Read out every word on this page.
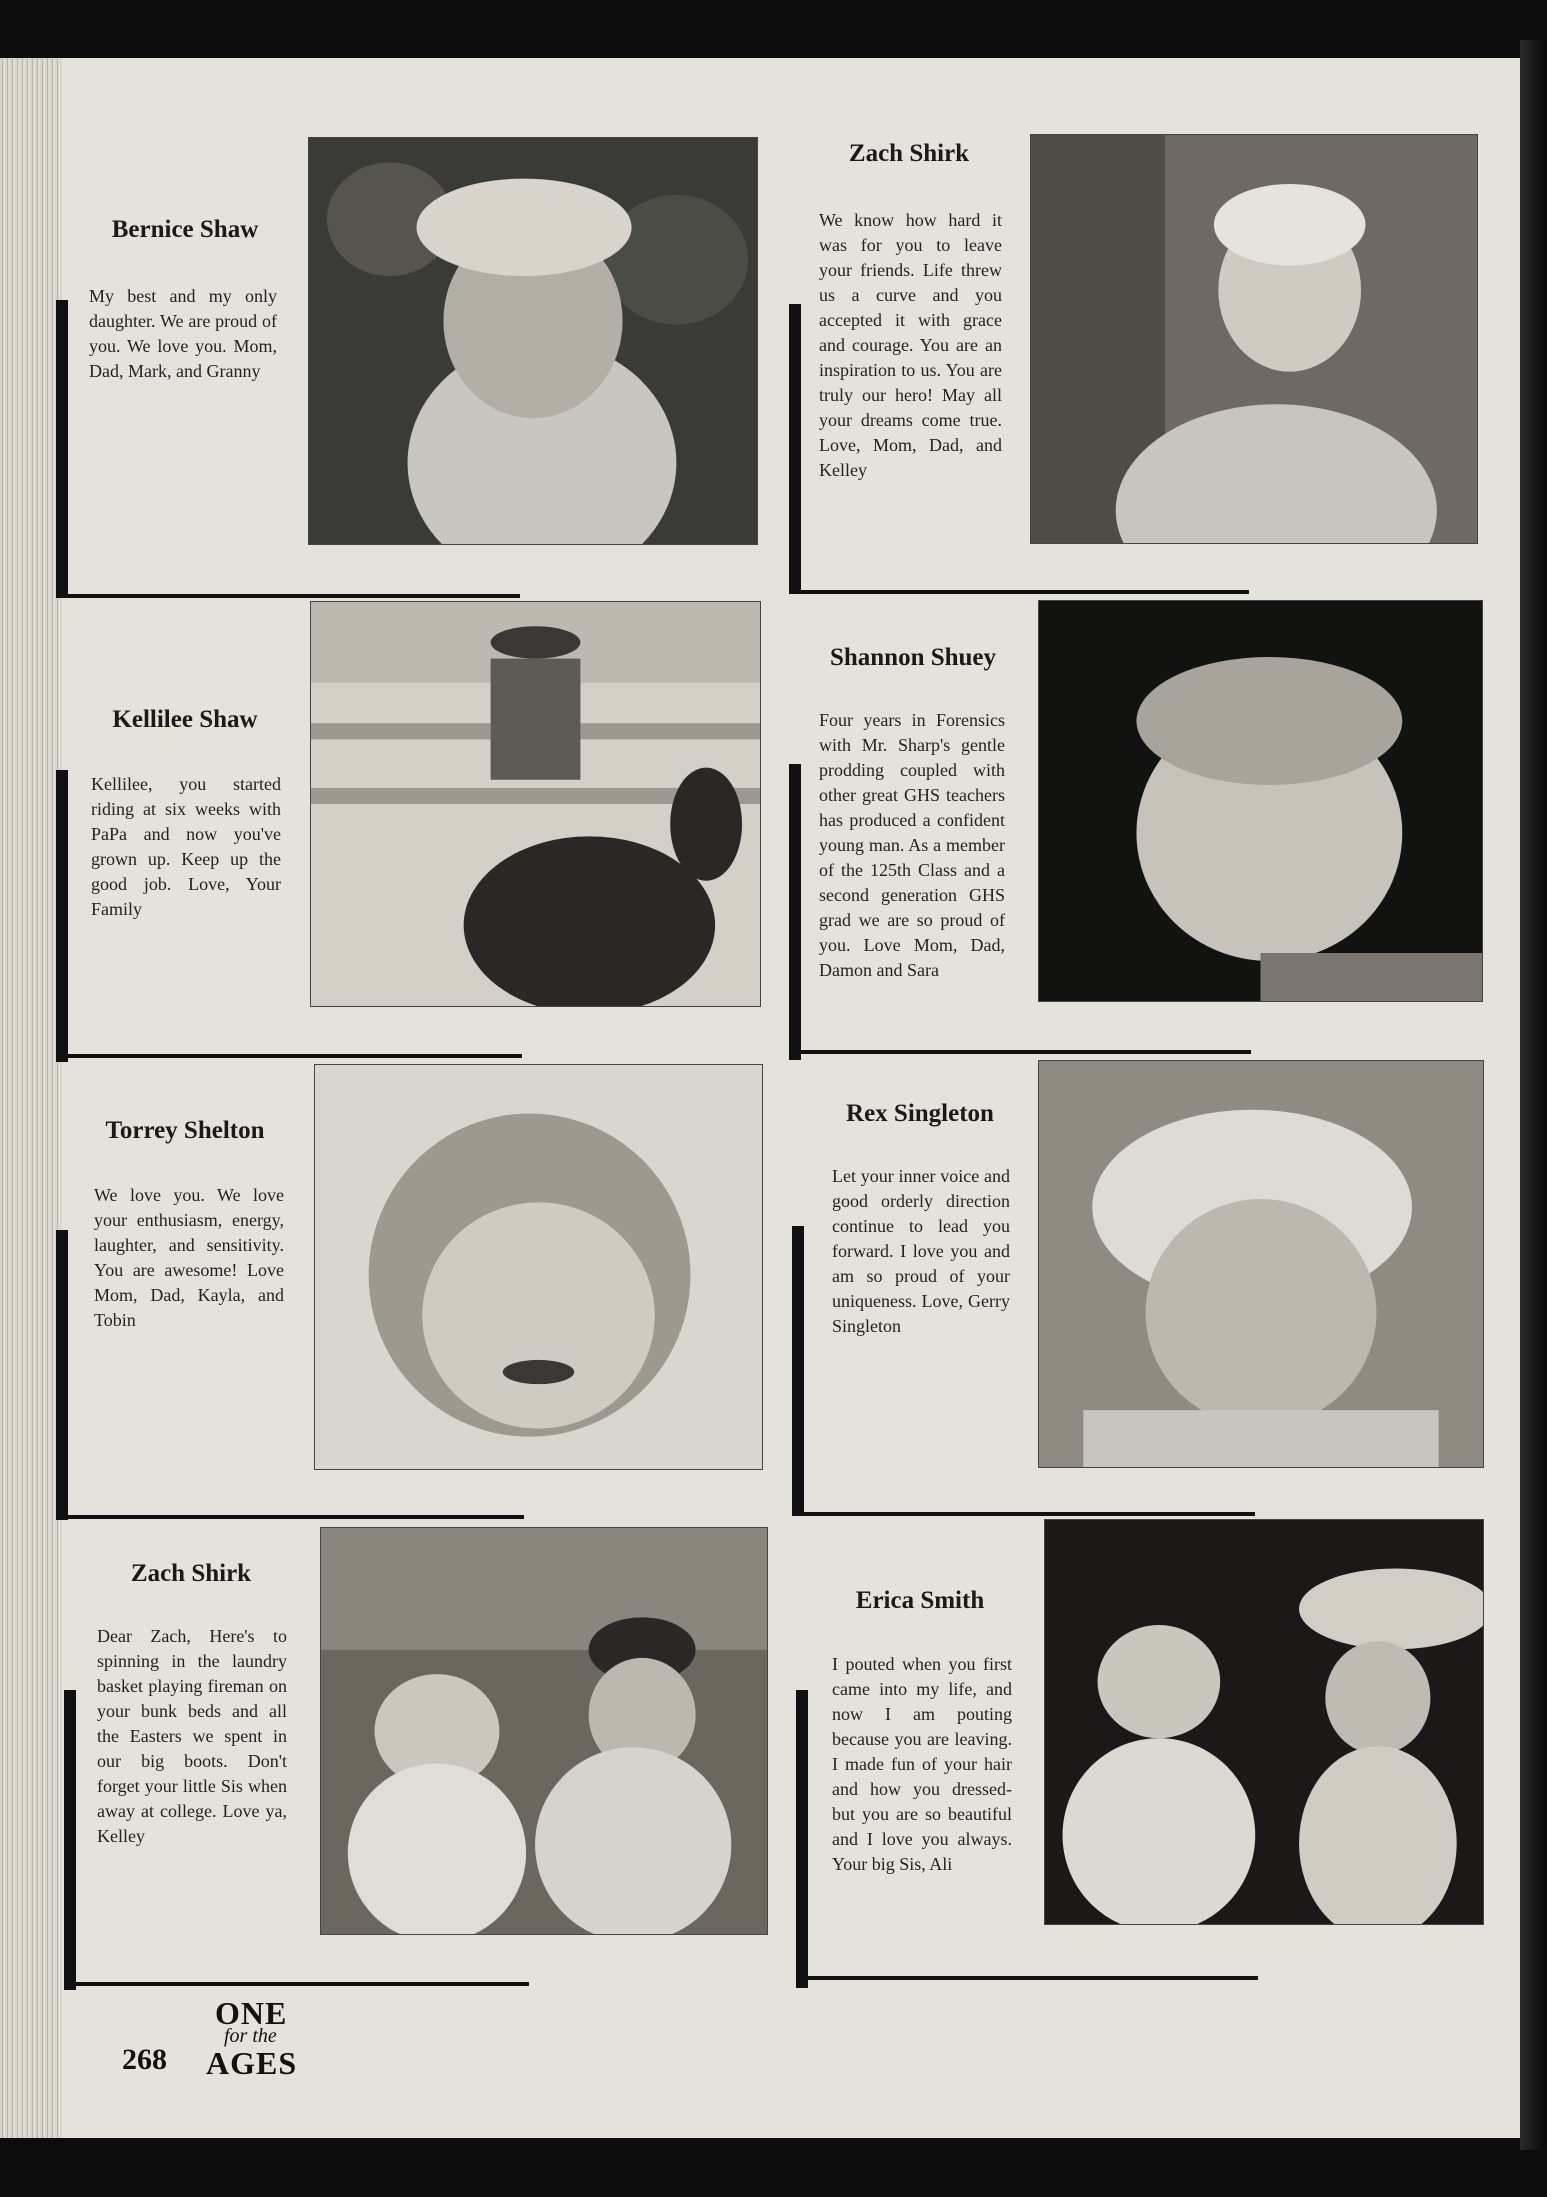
Bernice Shaw
My best and my only daughter. We are proud of you. We love you. Mom, Dad, Mark, and Granny
Zach Shirk
We know how hard it was for you to leave your friends. Life threw us a curve and you accepted it with grace and courage. You are an inspiration to us. You are truly our hero! May all your dreams come true. Love, Mom, Dad, and Kelley
Kellilee Shaw
Kellilee, you started riding at six weeks with PaPa and now you've grown up. Keep up the good job. Love, Your Family
Shannon Shuey
Four years in Forensics with Mr. Sharp's gentle prodding coupled with other great GHS teachers has produced a confident young man. As a member of the 125th Class and a second generation GHS grad we are so proud of you. Love Mom, Dad, Damon and Sara
Torrey Shelton
We love you. We love your enthusiasm, energy, laughter, and sensitivity. You are awesome! Love Mom, Dad, Kayla, and Tobin
Rex Singleton
Let your inner voice and good orderly direction continue to lead you forward. I love you and am so proud of your uniqueness. Love, Gerry Singleton
Zach Shirk
Dear Zach, Here's to spinning in the laundry basket playing fireman on your bunk beds and all the Easters we spent in our big boots. Don't forget your little Sis when away at college. Love ya, Kelley
Erica Smith
I pouted when you first came into my life, and now I am pouting because you are leaving. I made fun of your hair and how you dressed-but you are so beautiful and I love you always. Your big Sis, Ali
268
ONE
for the
AGES
